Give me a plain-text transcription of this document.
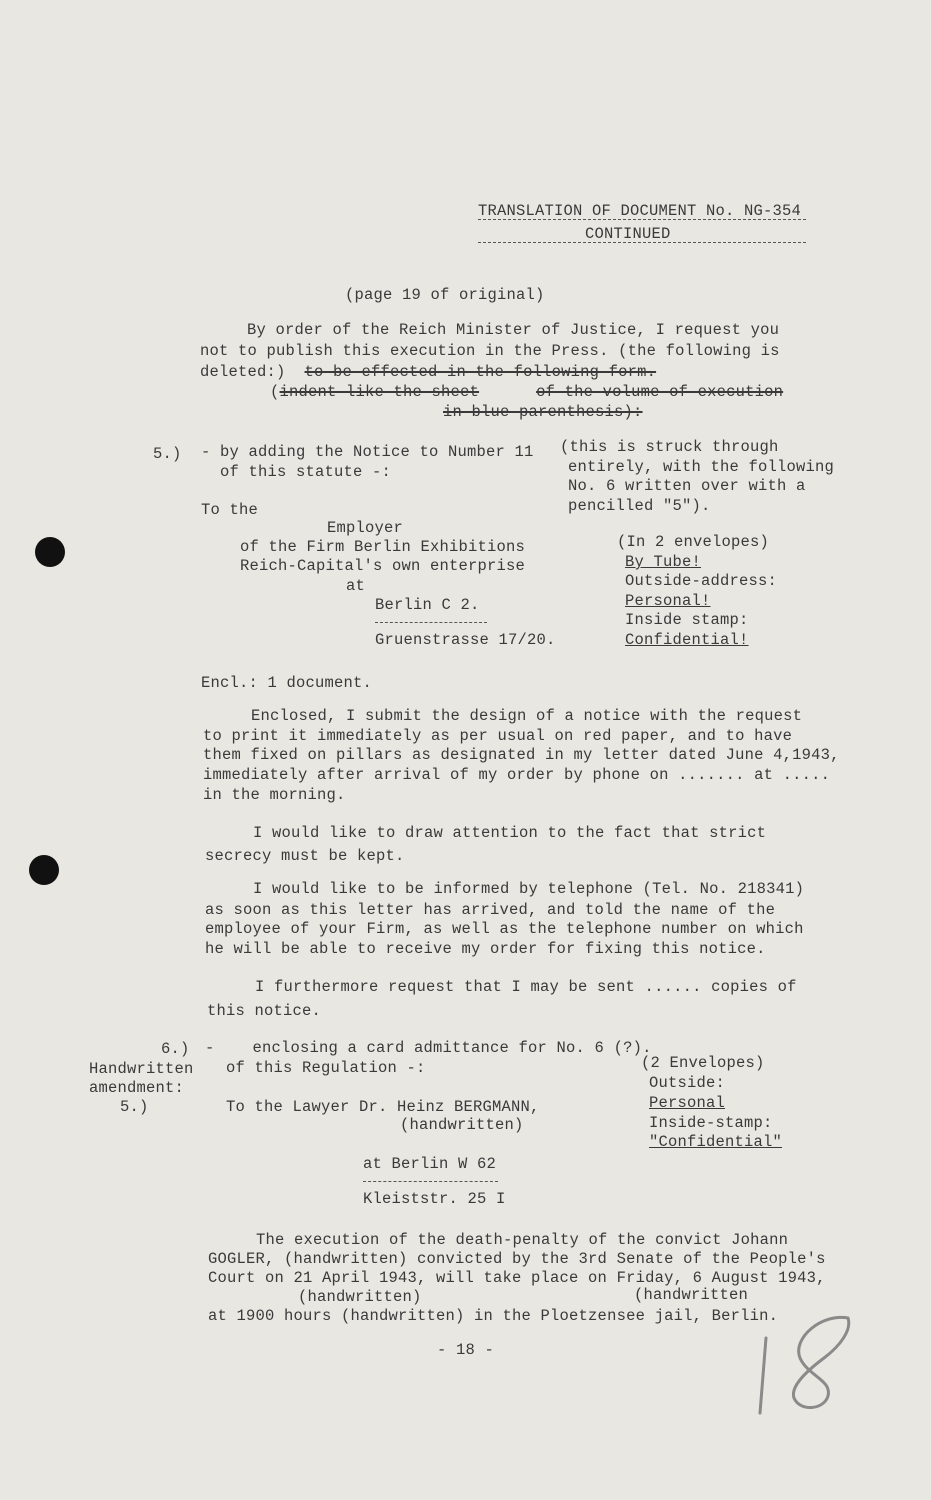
TRANSLATION OF DOCUMENT No. NG-354
CONTINUED
(page 19 of original)
By order of the Reich Minister of Justice, I request you
not to publish this execution in the Press. (the following is
deleted:) to be effected in the following form.
(indent like the sheet	of the volume of execution
in blue parenthesis):
5.) - by adding the Notice to Number 11
of this statute -:
(this is struck through
entirely, with the following
No. 6 written over with a
pencilled "5").
To the
Employer
of the Firm Berlin Exhibitions
Reich-Capital's own enterprise
at
Berlin C 2.
Gruenstrasse 17/20.
(In 2 envelopes)
By Tube!
Outside-address:
Personal!
Inside stamp:
Confidential!
Encl.: 1 document.
Enclosed, I submit the design of a notice with the request
to print it immediately as per usual on red paper, and to have
them fixed on pillars as designated in my letter dated June 4,1943,
immediately after arrival of my order by phone on ....... at .....
in the morning.
I would like to draw attention to the fact that strict
secrecy must be kept.
I would like to be informed by telephone (Tel. No. 218341)
as soon as this letter has arrived, and told the name of the
employee of your Firm, as well as the telephone number on which
he will be able to receive my order for fixing this notice.
I furthermore request that I may be sent ...... copies of
this notice.
6.)
Handwritten
amendment:
5.)
-    enclosing a card admittance for No. 6 (?).
of this Regulation -:	(2 Envelopes)
Outside:
Personal
Inside-stamp:
"Confidential"
To the Lawyer Dr. Heinz BERGMANN,
(handwritten)
at Berlin W 62
Kleiststr. 25 I
The execution of the death-penalty of the convict Johann
GOGLER, (handwritten) convicted by the 3rd Senate of the People's
Court on 21 April 1943, will take place on Friday, 6 August 1943,
(handwritten)	(handwritten
at 1900 hours (handwritten) in the Ploetzensee jail, Berlin.
- 18 -
